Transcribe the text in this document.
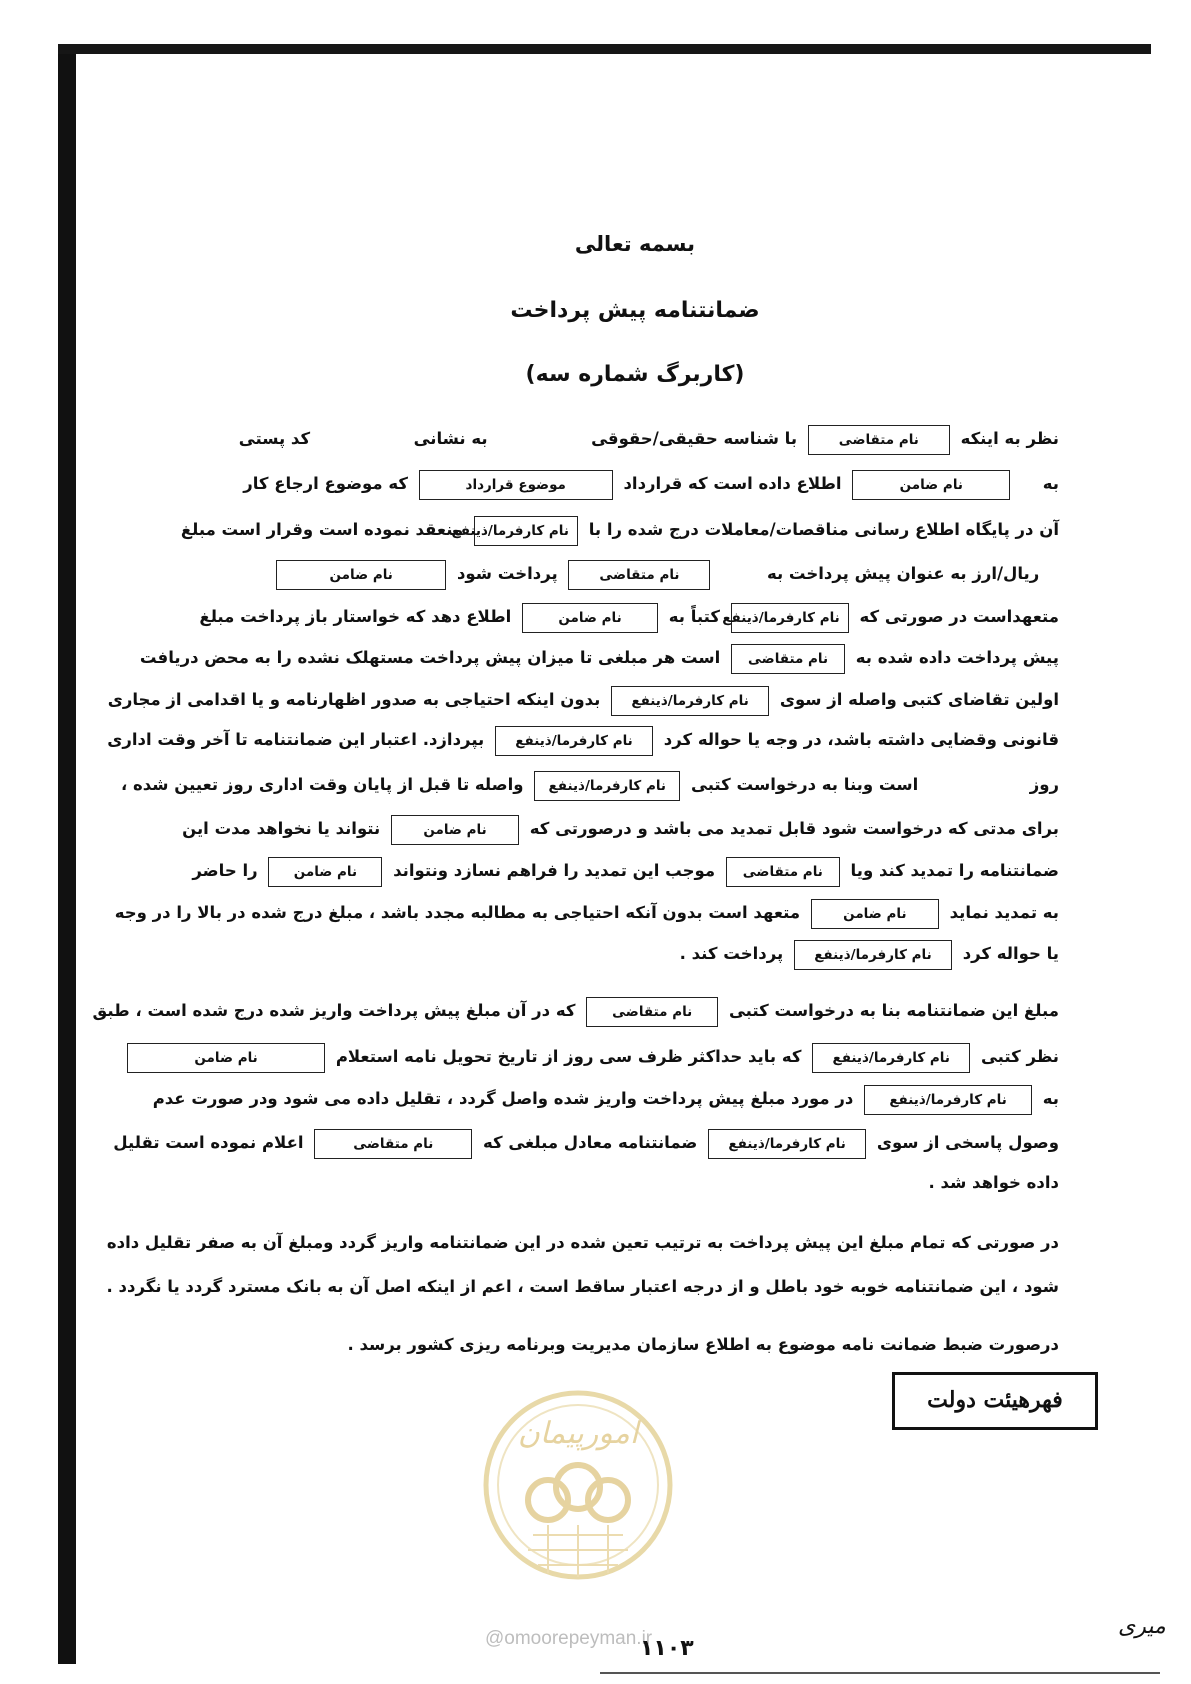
بسمه تعالی
ضمانتنامه پیش پرداخت
(کاربرگ شماره سه)
نظر به اینکه نام متقاضی با شناسه حقیقی/حقوقی  به نشانی  کد پستی
به  نام ضامن اطلاع داده است که قرارداد موضوع قرارداد که موضوع ارجاع کار
آن در پایگاه اطلاع رسانی مناقصات/معاملات درج شده را با نام کارفرما/ذینفع منعقد نموده است وقرار است مبلغ
ریال/ارز به عنوان پیش پرداخت به  نام متقاضی پرداخت شود نام ضامن
متعهداست در صورتی که نام کارفرما/ذینفع کتباً به نام ضامن اطلاع دهد که خواستار باز پرداخت مبلغ
پیش پرداخت داده شده به نام متقاضی است هر مبلغی تا میزان پیش پرداخت مستهلک نشده را به محض دریافت
اولین تقاضای کتبی واصله از سوی نام کارفرما/ذینفع بدون اینکه احتیاجی به صدور اظهارنامه و یا اقدامی از مجاری
قانونی وقضایی داشته باشد، در وجه یا حواله کرد نام کارفرما/ذینفع بپردازد. اعتبار این ضمانتنامه تا آخر وقت اداری
روز  است وبنا به درخواست کتبی نام کارفرما/ذینفع واصله تا قبل از پایان وقت اداری روز تعیین شده ،
برای مدتی که درخواست شود قابل تمدید می باشد و درصورتی که نام ضامن نتواند یا نخواهد مدت این
ضمانتنامه را تمدید کند ویا نام متقاضی موجب این تمدید را فراهم نسازد ونتواند نام ضامن را حاضر
به تمدید نماید نام ضامن متعهد است بدون آنکه احتیاجی به مطالبه مجدد باشد ، مبلغ درج شده در بالا را در وجه
یا حواله کرد نام کارفرما/ذینفع پرداخت کند .
مبلغ این ضمانتنامه بنا به درخواست کتبی نام متقاضی که در آن مبلغ پیش پرداخت واریز شده درج شده است ، طبق
نظر کتبی نام کارفرما/ذینفع که باید حداکثر ظرف سی روز از تاریخ تحویل نامه استعلام نام ضامن
به نام کارفرما/ذینفع در مورد مبلغ پیش پرداخت واریز شده واصل گردد ، تقلیل داده می شود ودر صورت عدم
وصول پاسخی از سوی نام کارفرما/ذینفع ضمانتنامه معادل مبلغی که نام متقاضی اعلام نموده است تقلیل
داده خواهد شد .
در صورتی که تمام مبلغ این پیش پرداخت به ترتیب تعین شده در این ضمانتنامه واریز گردد ومبلغ آن به صفر تقلیل داده
شود ، این ضمانتنامه خوبه خود باطل و از درجه اعتبار ساقط است ، اعم از اینکه اصل آن به بانک مسترد گردد یا نگردد .
درصورت ضبط ضمانت نامه موضوع به اطلاع سازمان مدیریت وبرنامه ریزی کشور برسد .
فهرهیئت دولت
امورپیمان
@omoorepeyman.ir
۱۱۰۳
میری
